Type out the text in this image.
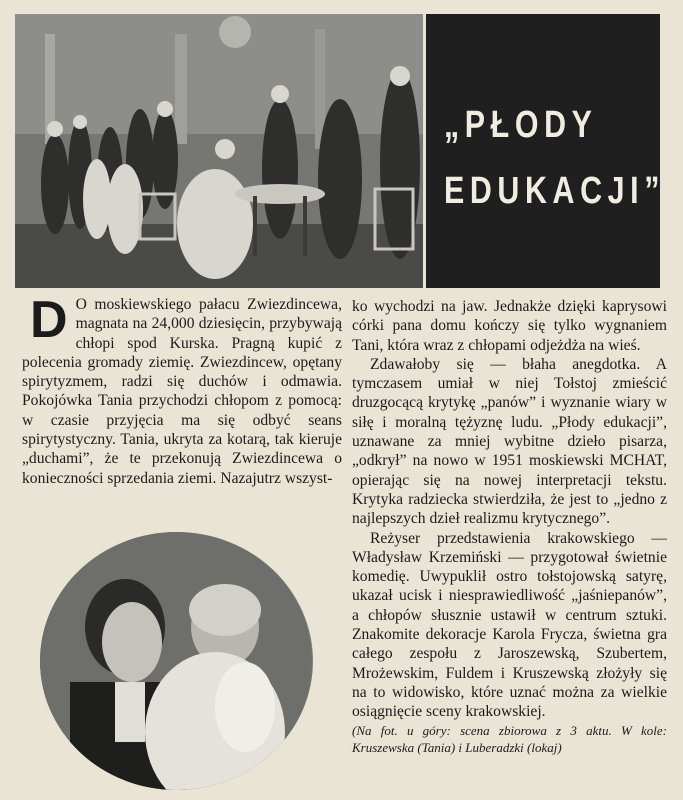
„PŁODY
EDUKACJI”
D O moskiewskiego pałacu Zwiezdincewa, magnata na 24,000 dziesięcin, przybywają chłopi spod Kurska. Pragną kupić z polecenia gromady ziemię. Zwiezdincew, opętany spirytyzmem, radzi się duchów i odmawia. Pokojówka Tania przychodzi chłopom z pomocą: w czasie przyjęcia ma się odbyć seans spirytystyczny. Tania, ukryta za kotarą, tak kieruje „duchami”, że te przekonują Zwiezdincewa o konieczności sprzedania ziemi. Nazajutrz wszyst-

ko wychodzi na jaw. Jednakże dzięki kaprysowi córki pana domu kończy się tylko wygnaniem Tani, która wraz z chłopami odjeżdża na wieś.

Zdawałoby się — błaha anegdotka. A tymczasem umiał w niej Tołstoj zmieścić druzgocącą krytykę „panów” i wyznanie wiary w siłę i moralną tężyznę ludu. „Płody edukacji”, uznawane za mniej wybitne dzieło pisarza, „odkrył” na nowo w 1951 moskiewski MCHAT, opierając się na nowej interpretacji tekstu. Krytyka radziecka stwierdziła, że jest to „jedno z najlepszych dzieł realizmu krytycznego”.

Reżyser przedstawienia krakowskiego — Władysław Krzemiński — przygotował świetnie komedię. Uwypuklił ostro tołstojowską satyrę, ukazał ucisk i niesprawiedliwość „jaśniepanów”, a chłopów słusznie ustawił w centrum sztuki. Znakomite dekoracje Karola Frycza, świetna gra całego zespołu z Jaroszewską, Szubertem, Mrożewskim, Fuldem i Kruszewską złożyły się na to widowisko, które uznać można za wielkie osiągnięcie sceny krakowskiej.

(Na fot. u góry: scena zbiorowa z 3 aktu. W kole: Kruszewska (Tania) i Luberadzki (lokaj)
